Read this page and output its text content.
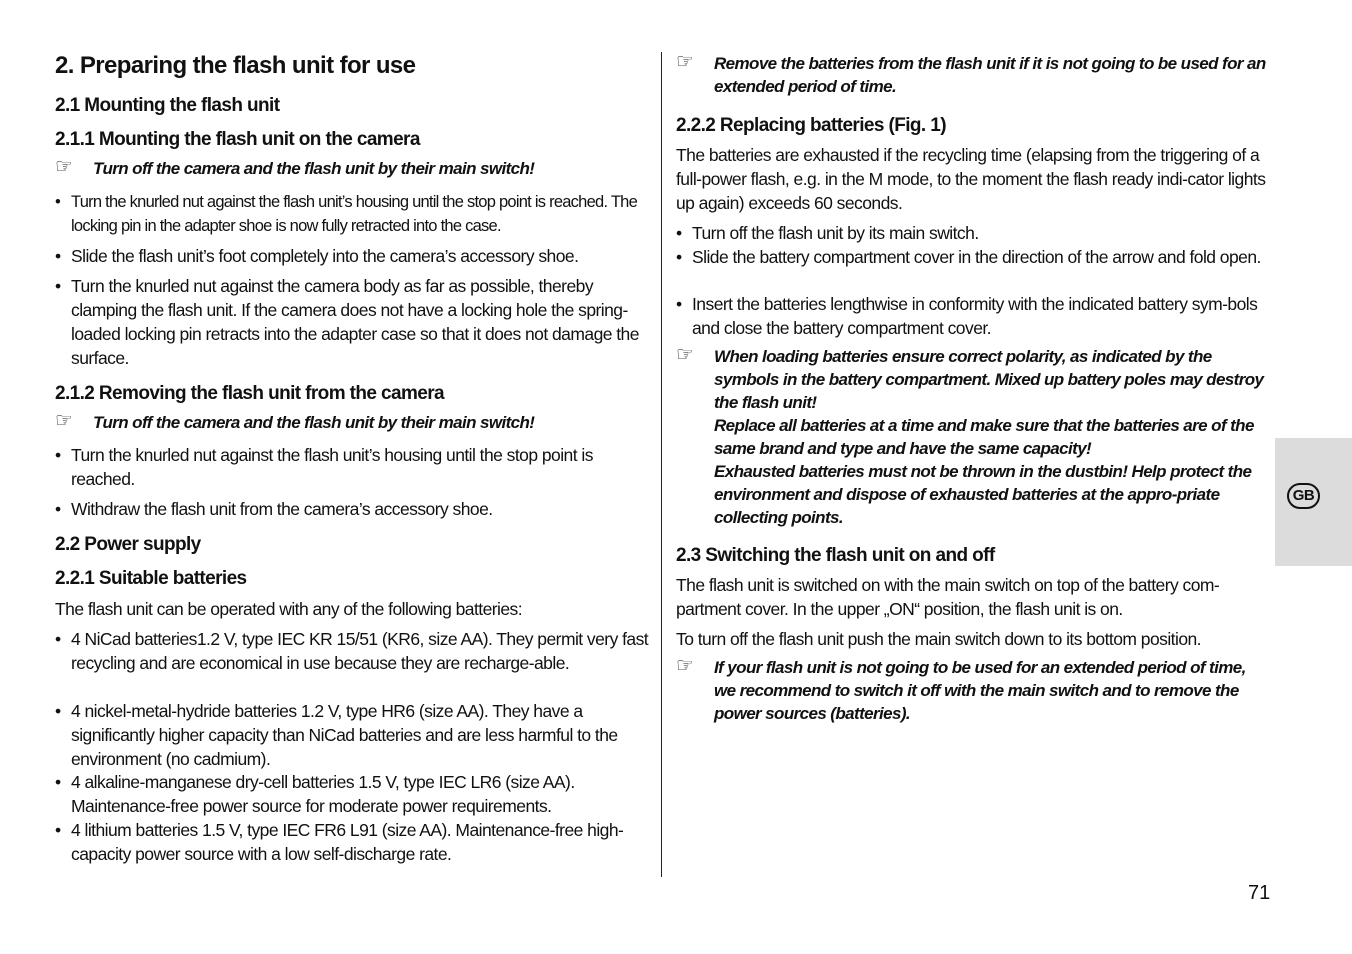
2. Preparing the flash unit for use
2.1 Mounting the flash unit
2.1.1 Mounting the flash unit on the camera
☞	Turn off the camera and the flash unit by their main switch!
• Turn the knurled nut against the flash unit’s housing until the stop point is reached. The locking pin in the adapter shoe is now fully retracted into the case.
• Slide the flash unit’s foot completely into the camera’s accessory shoe.
• Turn the knurled nut against the camera body as far as possible, thereby clamping the flash unit. If the camera does not have a locking hole the spring-loaded locking pin retracts into the adapter case so that it does not damage the surface.
2.1.2 Removing the flash unit from the camera
☞	Turn off the camera and the flash unit by their main switch!
• Turn the knurled nut against the flash unit’s housing until the stop point is reached.
• Withdraw the flash unit from the camera’s accessory shoe.
2.2 Power supply
2.2.1 Suitable batteries
The flash unit can be operated with any of the following batteries:
• 4 NiCad batteries1.2 V, type IEC KR 15/51 (KR6, size AA). They permit very fast recycling and are economical in use because they are recharge-able.
• 4 nickel-metal-hydride batteries 1.2 V, type HR6 (size AA). They have a significantly higher capacity than NiCad batteries and are less harmful to the environment (no cadmium).
• 4 alkaline-manganese dry-cell batteries 1.5 V, type IEC LR6 (size AA). Maintenance-free power source for moderate power requirements.
• 4 lithium batteries 1.5 V, type IEC FR6 L91 (size AA). Maintenance-free high-capacity power source with a low self-discharge rate.
☞	Remove the batteries from the flash unit if it is not going to be used for an extended period of time.
2.2.2 Replacing batteries (Fig. 1)
The batteries are exhausted if the recycling time (elapsing from the triggering of a full-power flash, e.g. in the M mode, to the moment the flash ready indi-cator lights up again) exceeds 60 seconds.
• Turn off the flash unit by its main switch.
• Slide the battery compartment cover in the direction of the arrow and fold open.
• Insert the batteries lengthwise in conformity with the indicated battery sym-bols and close the battery compartment cover.
☞	When loading batteries ensure correct polarity, as indicated by the symbols in the battery compartment. Mixed up battery poles may destroy the flash unit!
Replace all batteries at a time and make sure that the batteries are of the same brand and type and have the same capacity!
Exhausted batteries must not be thrown in the dustbin! Help protect the environment and dispose of exhausted batteries at the appro-priate collecting points.
2.3 Switching the flash unit on and off
The flash unit is switched on with the main switch on top of the battery com-partment cover. In the upper „ON“ position, the flash unit is on.
To turn off the flash unit push the main switch down to its bottom position.
☞	If your flash unit is not going to be used for an extended period of time, we recommend to switch it off with the main switch and to remove the power sources (batteries).
GB
71
